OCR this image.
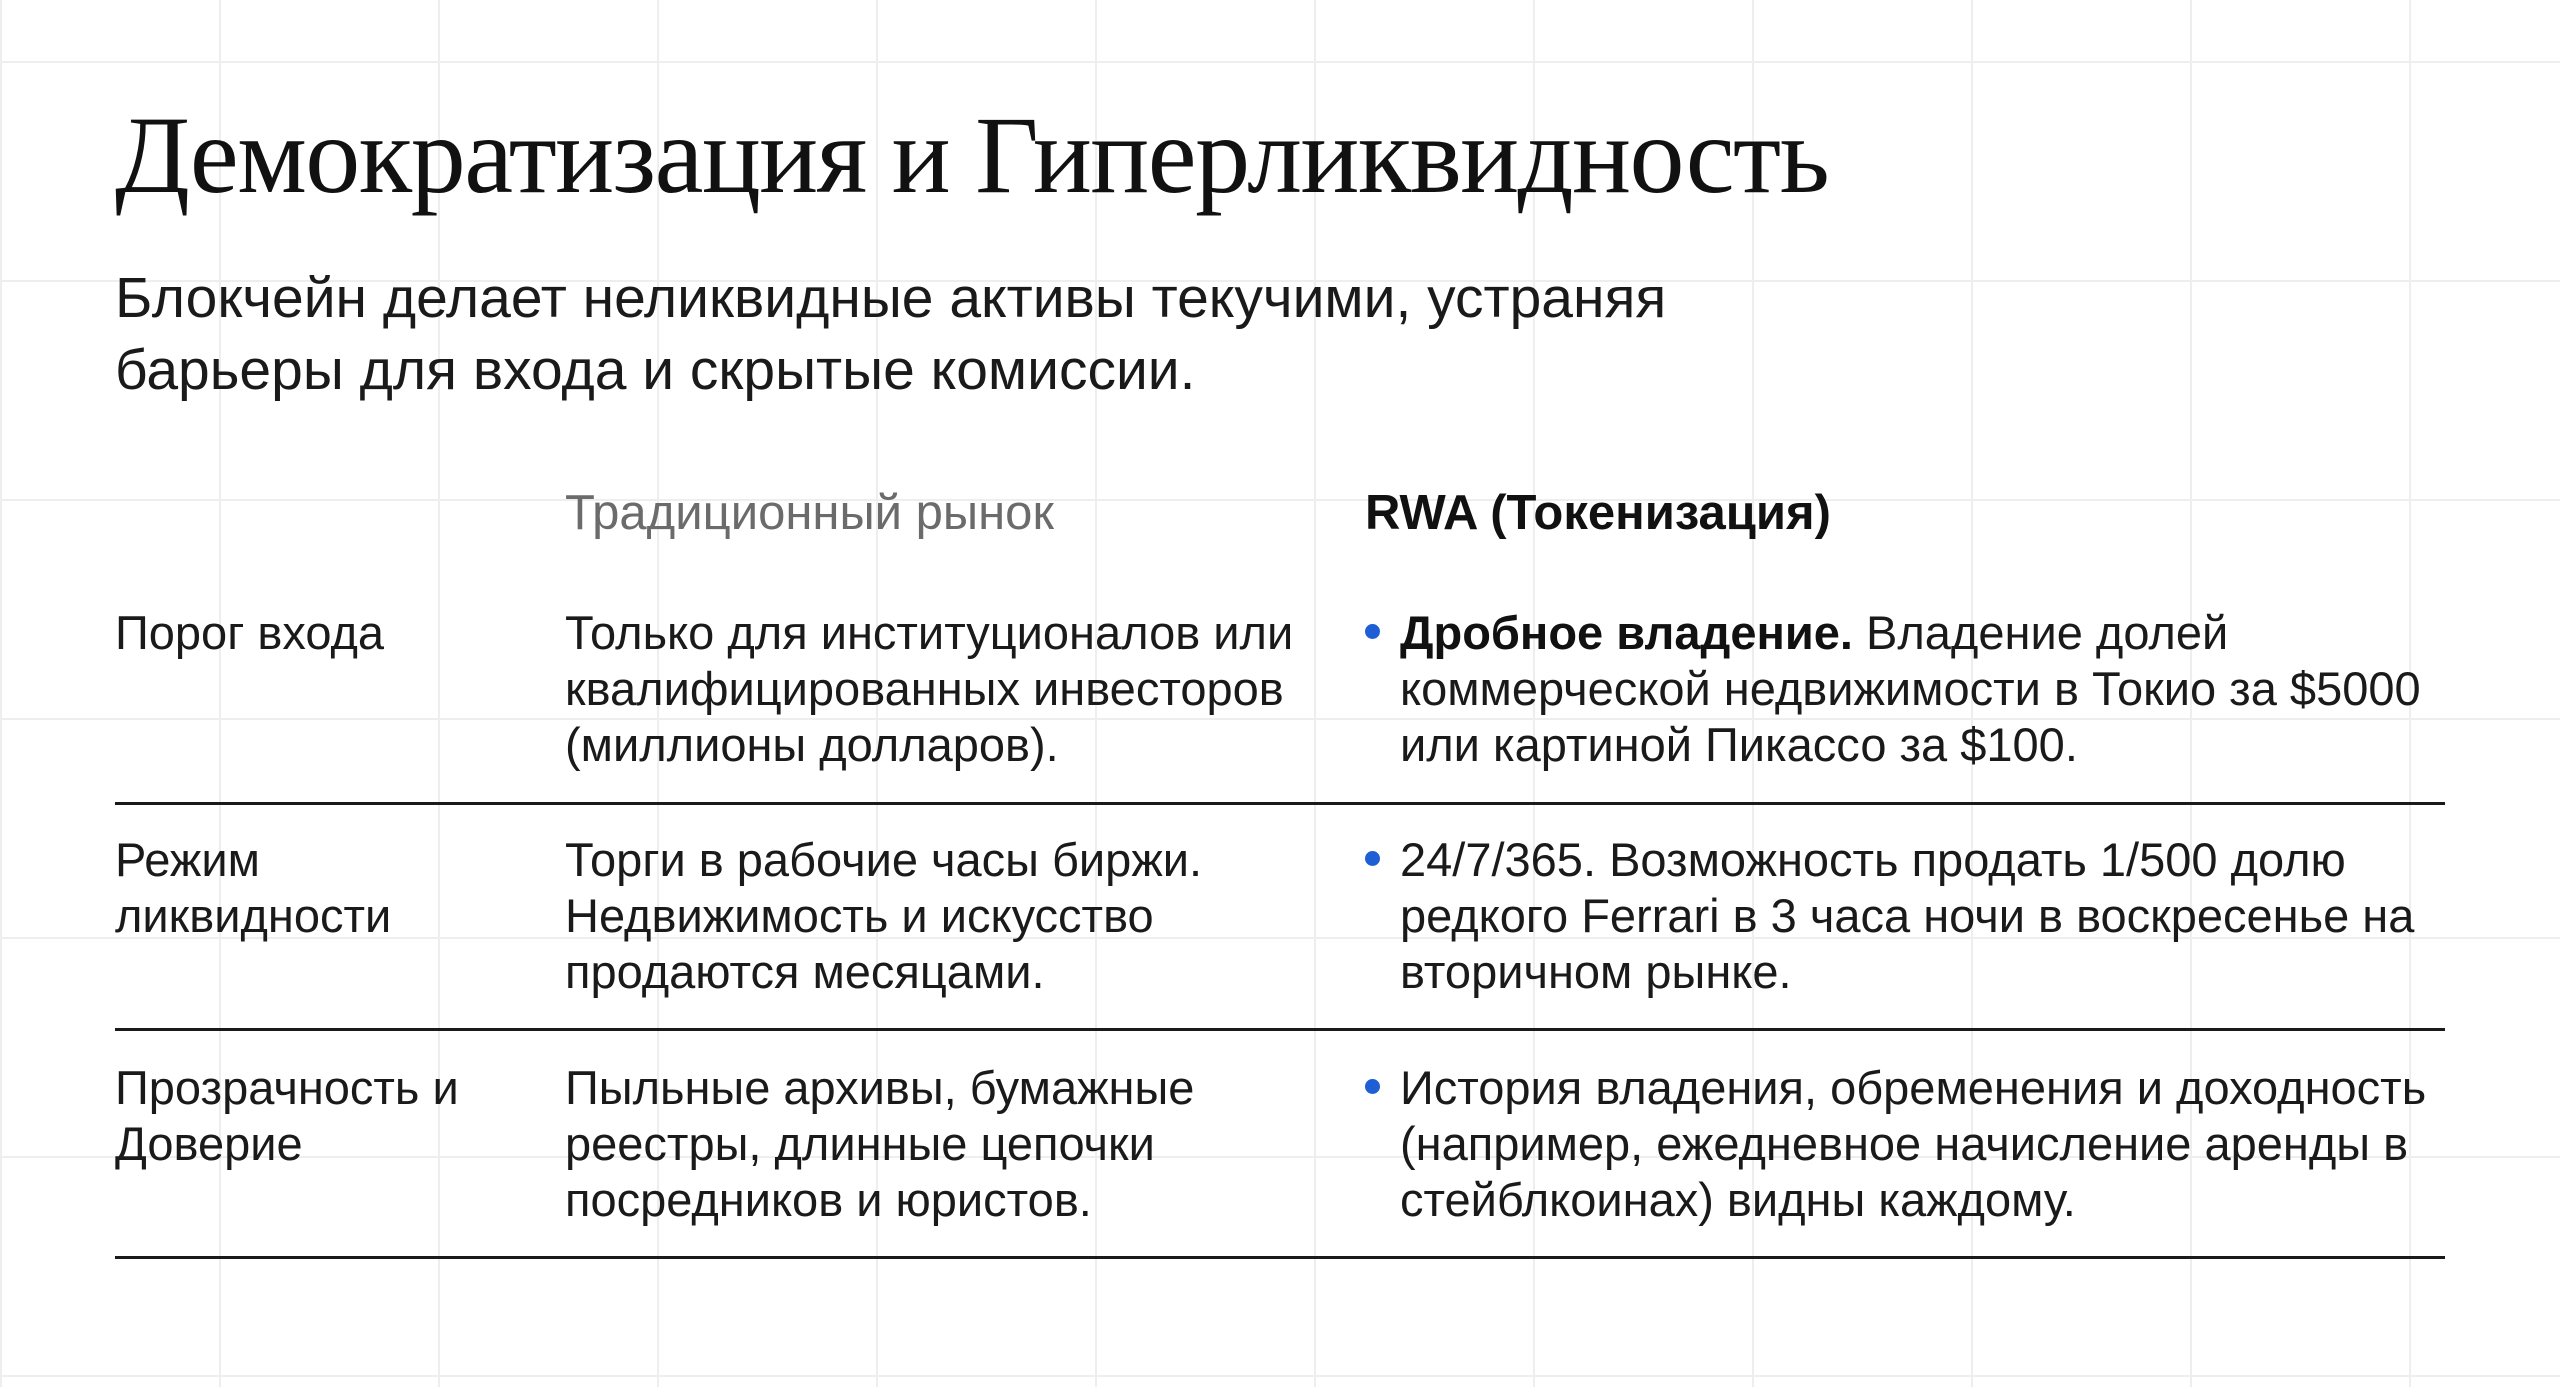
Демократизация и Гиперликвидность

Блокчейн делает неликвидные активы текучими, устраняя барьеры для входа и скрытые комиссии.

Традиционный рынок	RWA (Токенизация)
Порог входа	Только для институционалов или квалифицированных инвесторов (миллионы долларов).
Дробное владение. Владение долей коммерческой недвижимости в Токио за $5000 или картиной Пикассо за $100.
Режим ликвидности
Торги в рабочие часы биржи. Недвижимость и искусство продаются месяцами.
24/7/365. Возможность продать 1/500 долю редкого Ferrari в 3 часа ночи в воскресенье на вторичном рынке.
Прозрачность и Доверие
Пыльные архивы, бумажные реестры, длинные цепочки посредников и юристов.
История владения, обременения и доходность (например, ежедневное начисление аренды в стейблкоинах) видны каждому.
